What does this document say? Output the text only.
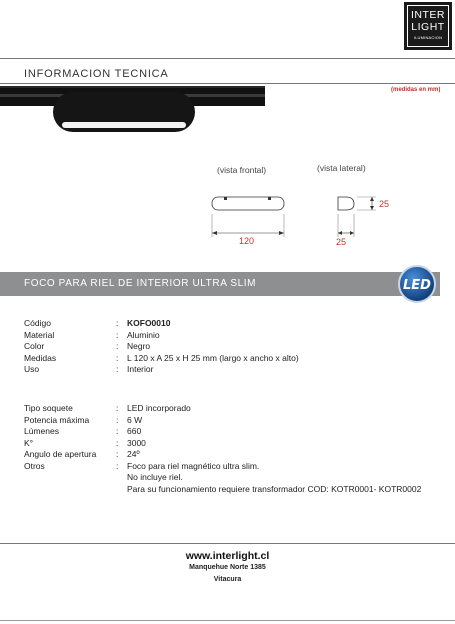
INTER
LIGHT
ILUMINACION
INFORMACION TECNICA
(medidas en mm)
(vista frontal)	(vista lateral)
120
25
25
FOCO PARA RIEL DE INTERIOR ULTRA SLIM	LED
Código	: KOFO0010
Material	: Aluminio
Color	: Negro
Medidas	: L 120 x A 25 x H 25 mm (largo x ancho x alto)
Uso	: Interior
Tipo soquete	: LED incorporado
Potencia máxima	: 6 W
Lúmenes	: 660
K°	: 3000
Angulo de apertura : 24º
Otros	: Foco para riel magnético ultra slim.
No incluye riel.
Para su funcionamiento requiere transformador COD: KOTR0001- KOTR0002
www.interlight.cl
Manquehue Norte 1385
Vitacura
